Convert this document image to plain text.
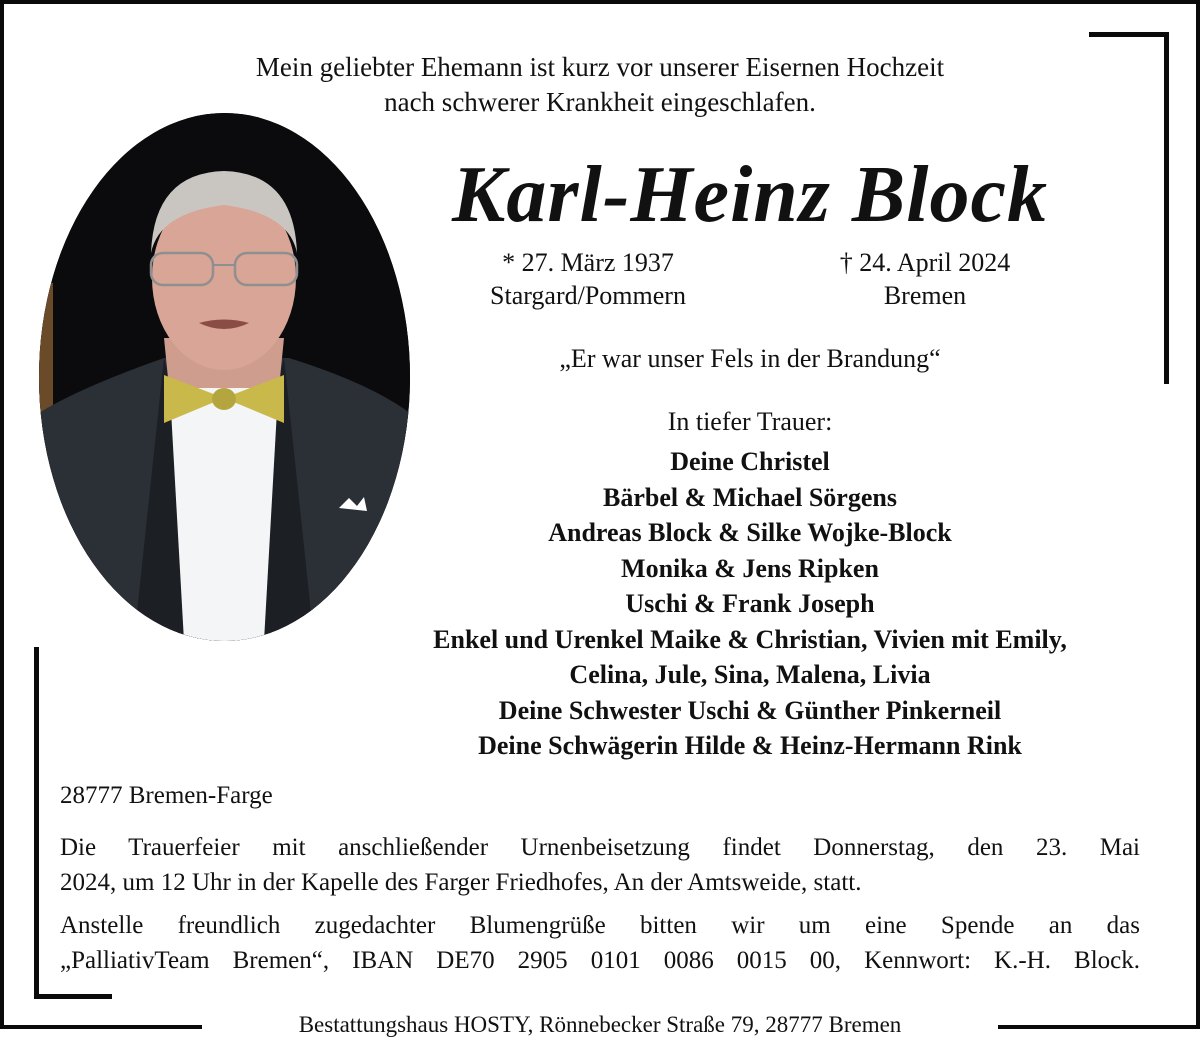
Mein geliebter Ehemann ist kurz vor unserer Eisernen Hochzeit
nach schwerer Krankheit eingeschlafen.
Karl-Heinz Block
* 27. März 1937
Stargard/Pommern
† 24. April 2024
Bremen
„Er war unser Fels in der Brandung“
In tiefer Trauer:
Deine Christel
Bärbel & Michael Sörgens
Andreas Block & Silke Wojke-Block
Monika & Jens Ripken
Uschi & Frank Joseph
Enkel und Urenkel Maike & Christian, Vivien mit Emily,
Celina, Jule, Sina, Malena, Livia
Deine Schwester Uschi & Günther Pinkerneil
Deine Schwägerin Hilde & Heinz-Hermann Rink
28777 Bremen-Farge
Die Trauerfeier mit anschließender Urnenbeisetzung findet Donnerstag, den 23. Mai
2024, um 12 Uhr in der Kapelle des Farger Friedhofes, An der Amtsweide, statt.
Anstelle freundlich zugedachter Blumengrüße bitten wir um eine Spende an das
„PalliativTeam Bremen“, IBAN DE70 2905 0101 0086 0015 00, Kennwort: K.-H. Block.
Bestattungshaus HOSTY, Rönnebecker Straße 79, 28777 Bremen
